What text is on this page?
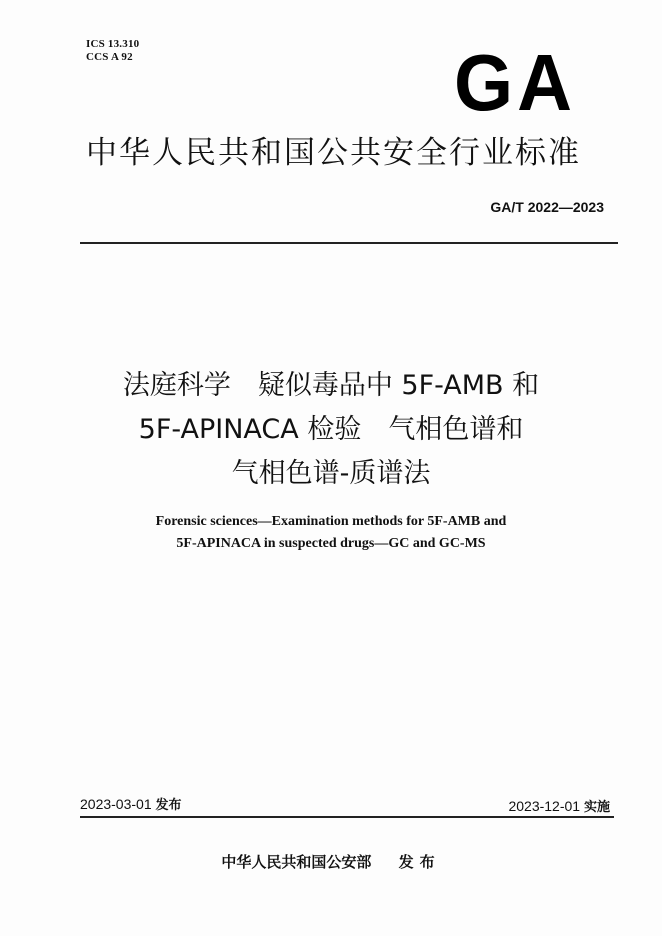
ICS 13.310
CCS A 92	GA
中华人民共和国公共安全行业标准
GA/T 2022—2023
法庭科学　疑似毒品中 5F-AMB 和
5F-APINACA 检验　气相色谱和
气相色谱-质谱法
Forensic sciences—Examination methods for 5F-AMB and
5F-APINACA in suspected drugs—GC and GC-MS
2023-03-01 发布	2023-12-01 实施
中华人民共和国公安部 发布
